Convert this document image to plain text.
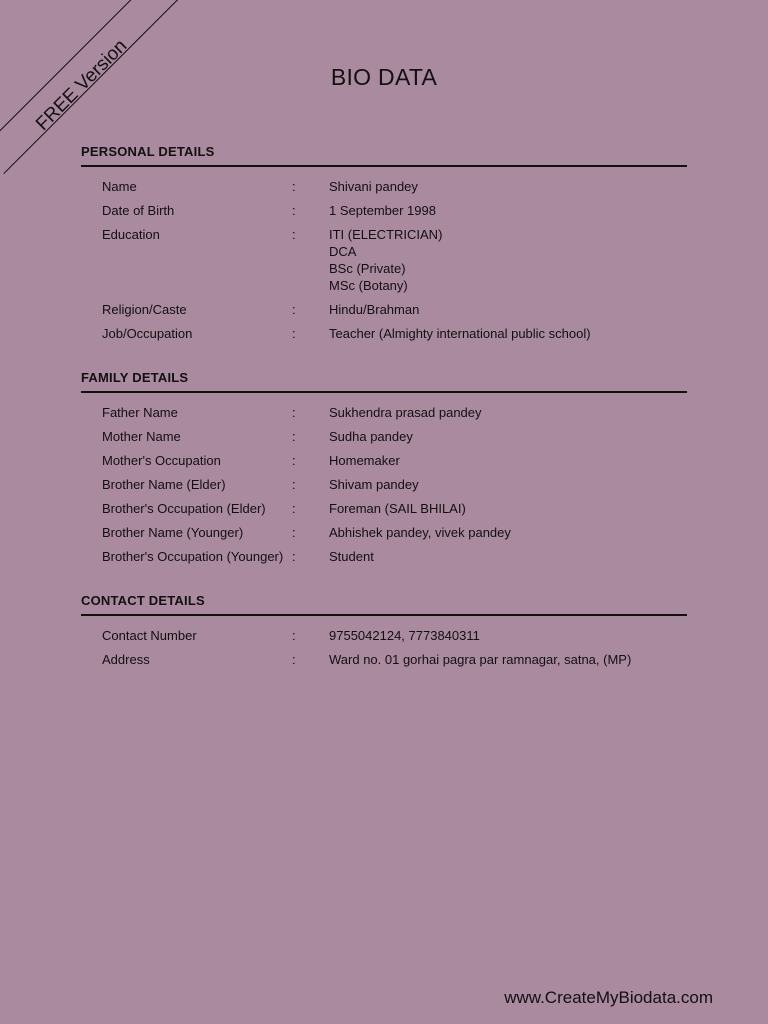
FREE Version	BIO DATA
PERSONAL DETAILS
Name	:	Shivani pandey
Date of Birth	:	1 September 1998
Education	:	ITI (ELECTRICIAN)
DCA
BSc (Private)
MSc (Botany)
Religion/Caste	:	Hindu/Brahman
Job/Occupation	:	Teacher (Almighty international public school)
FAMILY DETAILS
Father Name	:	Sukhendra prasad pandey
Mother Name	:	Sudha pandey
Mother's Occupation	:	Homemaker
Brother Name (Elder)	:	Shivam pandey
Brother's Occupation (Elder)	:	Foreman (SAIL BHILAI)
Brother Name (Younger)	:	Abhishek pandey, vivek pandey
Brother's Occupation (Younger) :	Student
CONTACT DETAILS
Contact Number	:	9755042124, 7773840311
Address	:	Ward no. 01 gorhai pagra par ramnagar, satna, (MP)
www.CreateMyBiodata.com
